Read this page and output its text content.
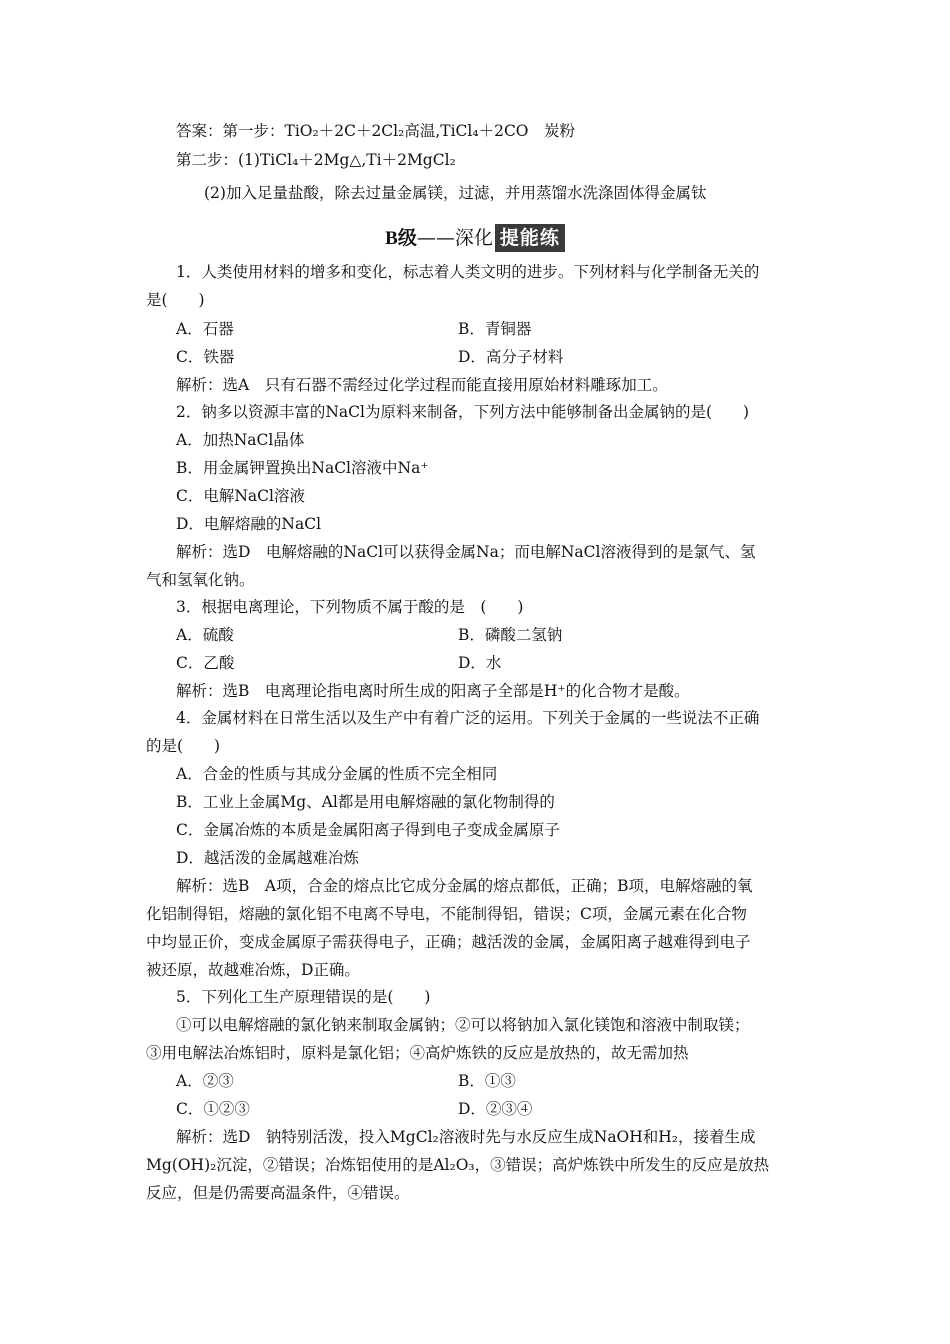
答案：第一步：TiO₂＋2C＋2Cl₂高温,TiCl₄＋2CO　炭粉
第二步：(1)TiCl₄＋2Mg△,Ti＋2MgCl₂
(2)加入足量盐酸，除去过量金属镁，过滤，并用蒸馏水洗涤固体得金属钛
B级——深化 提能练
1．人类使用材料的增多和变化，标志着人类文明的进步。下列材料与化学制备无关的
是(　　)
A．石器	B．青铜器
C．铁器	D．高分子材料
解析：选A　只有石器不需经过化学过程而能直接用原始材料雕琢加工。
2．钠多以资源丰富的NaCl为原料来制备，下列方法中能够制备出金属钠的是(　　)
A．加热NaCl晶体
B．用金属钾置换出NaCl溶液中Na⁺
C．电解NaCl溶液
D．电解熔融的NaCl
解析：选D　电解熔融的NaCl可以获得金属Na；而电解NaCl溶液得到的是氯气、氢
气和氢氧化钠。
3．根据电离理论，下列物质不属于酸的是　(　　)
A．硫酸	B．磷酸二氢钠
C．乙酸	D．水
解析：选B　电离理论指电离时所生成的阳离子全部是H⁺的化合物才是酸。
4．金属材料在日常生活以及生产中有着广泛的运用。下列关于金属的一些说法不正确
的是(　　)
A．合金的性质与其成分金属的性质不完全相同
B．工业上金属Mg、Al都是用电解熔融的氯化物制得的
C．金属冶炼的本质是金属阳离子得到电子变成金属原子
D．越活泼的金属越难冶炼
解析：选B　A项，合金的熔点比它成分金属的熔点都低，正确；B项，电解熔融的氧
化铝制得铝，熔融的氯化铝不电离不导电，不能制得铝，错误；C项，金属元素在化合物
中均显正价，变成金属原子需获得电子，正确；越活泼的金属，金属阳离子越难得到电子
被还原，故越难冶炼，D正确。
5．下列化工生产原理错误的是(　　)
①可以电解熔融的氯化钠来制取金属钠；②可以将钠加入氯化镁饱和溶液中制取镁；
③用电解法冶炼铝时，原料是氯化铝；④高炉炼铁的反应是放热的，故无需加热
A．②③	B．①③
C．①②③	D．②③④
解析：选D　钠特别活泼，投入MgCl₂溶液时先与水反应生成NaOH和H₂，接着生成
Mg(OH)₂沉淀，②错误；冶炼铝使用的是Al₂O₃，③错误；高炉炼铁中所发生的反应是放热
反应，但是仍需要高温条件，④错误。
